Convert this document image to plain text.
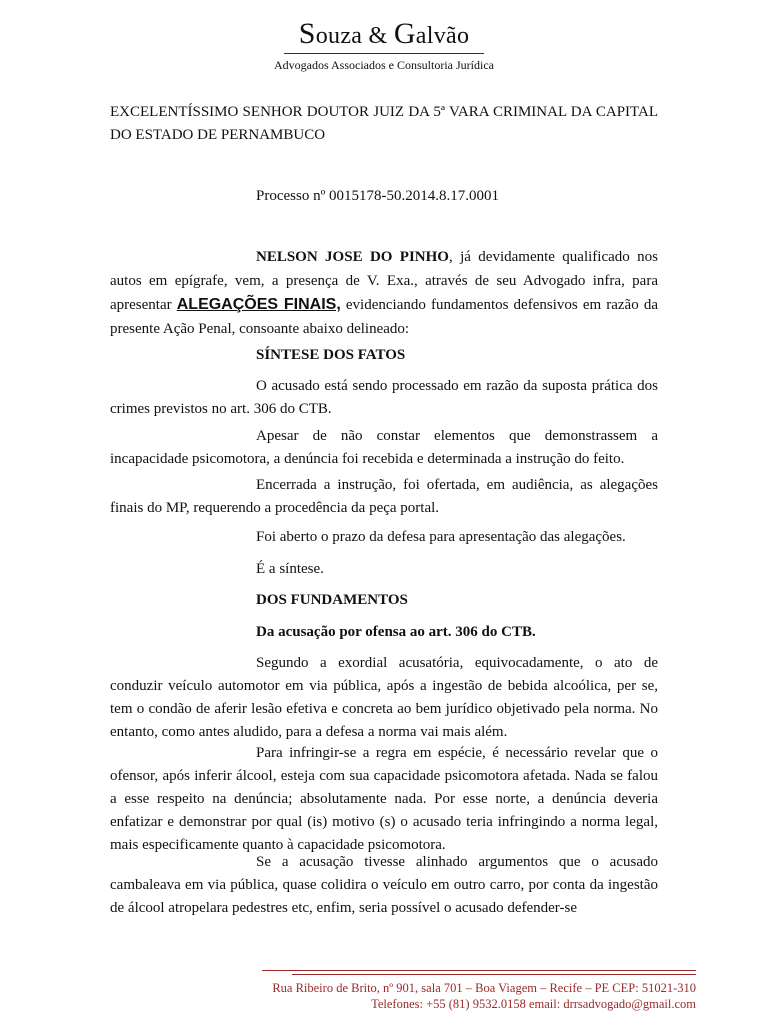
Souza & Galvão
Advogados Associados e Consultoria Jurídica
EXCELENTÍSSIMO SENHOR DOUTOR JUIZ DA 5ª VARA CRIMINAL DA CAPITAL DO ESTADO DE PERNAMBUCO
Processo nº 0015178-50.2014.8.17.0001
NELSON JOSE DO PINHO, já devidamente qualificado nos autos em epígrafe, vem, a presença de V. Exa., através de seu Advogado infra, para apresentar ALEGAÇÕES FINAIS, evidenciando fundamentos defensivos em razão da presente Ação Penal, consoante abaixo delineado:
SÍNTESE DOS FATOS
O acusado está sendo processado em razão da suposta prática dos crimes previstos no art. 306 do CTB.
Apesar de não constar elementos que demonstrassem a incapacidade psicomotora, a denúncia foi recebida e determinada a instrução do feito.
Encerrada a instrução, foi ofertada, em audiência, as alegações finais do MP, requerendo a procedência da peça portal.
Foi aberto o prazo da defesa para apresentação das alegações.
É a síntese.
DOS FUNDAMENTOS
Da acusação por ofensa ao art. 306 do CTB.
Segundo a exordial acusatória, equivocadamente, o ato de conduzir veículo automotor em via pública, após a ingestão de bebida alcoólica, per se, tem o condão de aferir lesão efetiva e concreta ao bem jurídico objetivado pela norma. No entanto, como antes aludido, para a defesa a norma vai mais além.
Para infringir-se a regra em espécie, é necessário revelar que o ofensor, após inferir álcool, esteja com sua capacidade psicomotora afetada. Nada se falou a esse respeito na denúncia; absolutamente nada. Por esse norte, a denúncia deveria enfatizar e demonstrar por qual (is) motivo (s) o acusado teria infringindo a norma legal, mais especificamente quanto à capacidade psicomotora.
Se a acusação tivesse alinhado argumentos que o acusado cambaleava em via pública, quase colidira o veículo em outro carro, por conta da ingestão de álcool atropelara pedestres etc, enfim, seria possível o acusado defender-se
Rua Ribeiro de Brito, nº 901, sala 701 – Boa Viagem – Recife – PE CEP: 51021-310
Telefones: +55 (81) 9532.0158 email: drrsadvogado@gmail.com
